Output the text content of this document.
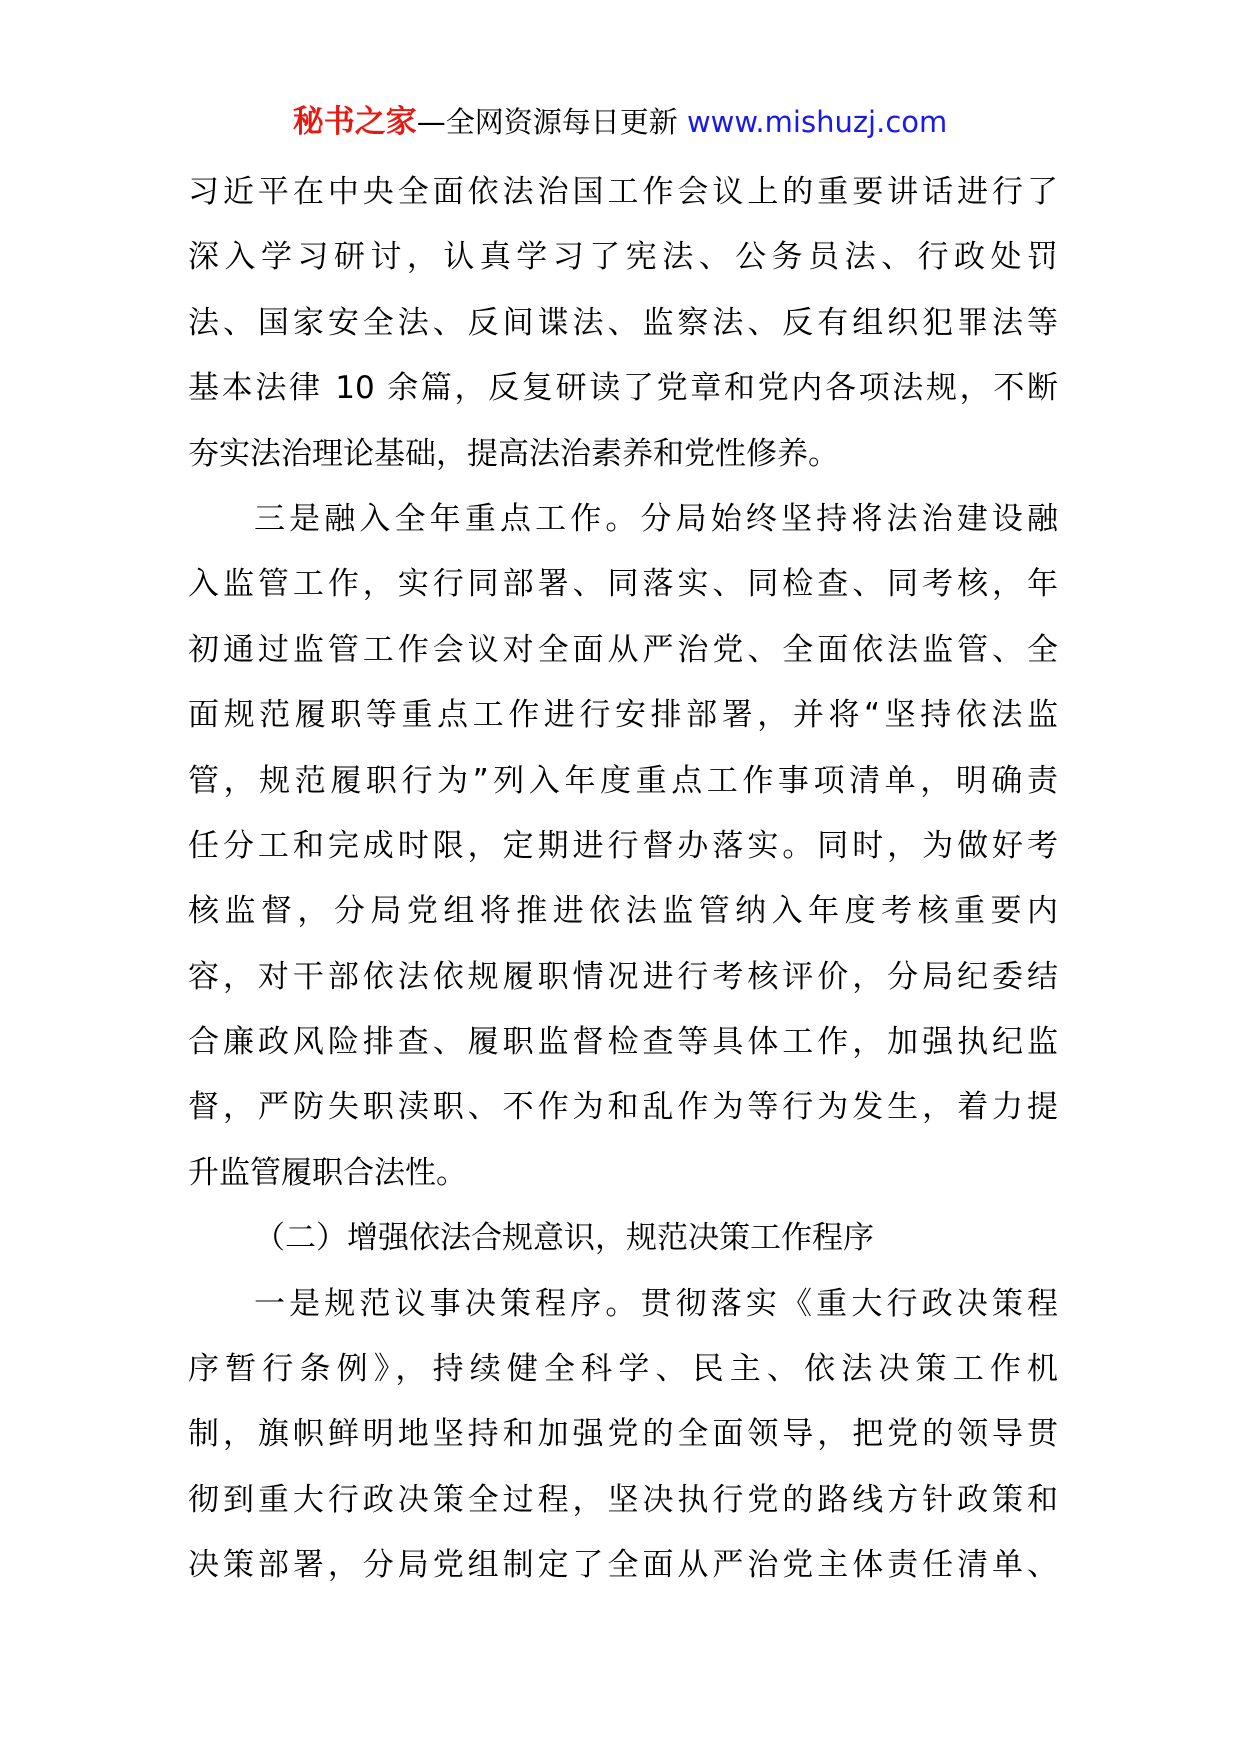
秘书之家—全网资源每日更新 www.mishuzj.com
习近平在中央全面依法治国工作会议上的重要讲话进行了
深入学习研讨，认真学习了宪法、公务员法、行政处罚
法、国家安全法、反间谍法、监察法、反有组织犯罪法等
基本法律 10 余篇，反复研读了党章和党内各项法规，不断
夯实法治理论基础，提高法治素养和党性修养。
三是融入全年重点工作。分局始终坚持将法治建设融
入监管工作，实行同部署、同落实、同检查、同考核，年
初通过监管工作会议对全面从严治党、全面依法监管、全
面规范履职等重点工作进行安排部署，并将“坚持依法监
管，规范履职行为”列入年度重点工作事项清单，明确责
任分工和完成时限，定期进行督办落实。同时，为做好考
核监督，分局党组将推进依法监管纳入年度考核重要内
容，对干部依法依规履职情况进行考核评价，分局纪委结
合廉政风险排查、履职监督检查等具体工作，加强执纪监
督，严防失职渎职、不作为和乱作为等行为发生，着力提
升监管履职合法性。
（二）增强依法合规意识，规范决策工作程序
一是规范议事决策程序。贯彻落实《重大行政决策程
序暂行条例》，持续健全科学、民主、依法决策工作机
制，旗帜鲜明地坚持和加强党的全面领导，把党的领导贯
彻到重大行政决策全过程，坚决执行党的路线方针政策和
决策部署，分局党组制定了全面从严治党主体责任清单、
